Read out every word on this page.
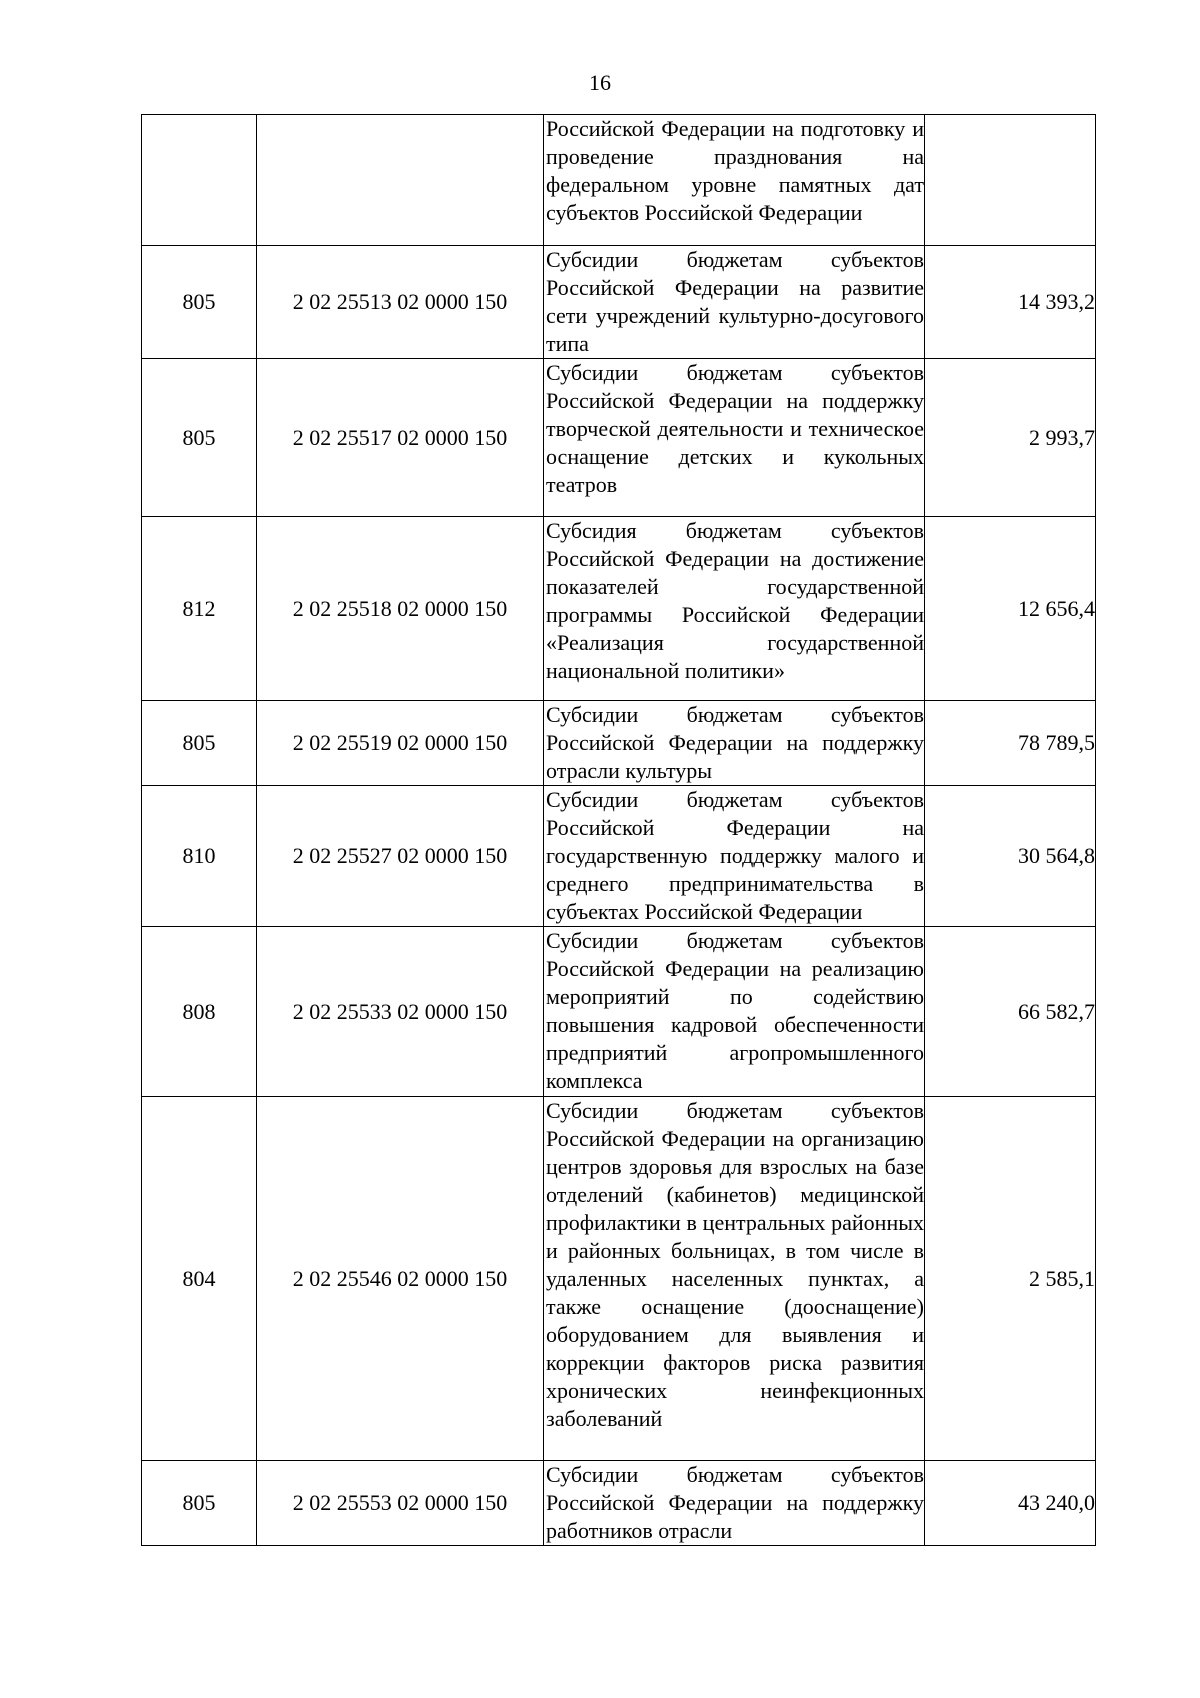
16

		Российской Федерации на подготовку и проведение празднования на федеральном уровне памятных дат субъектов Российской Федерации	

805	2 02 25513 02 0000 150	Субсидии бюджетам субъектов Российской Федерации на развитие сети учреждений культурно-досугового типа	14 393,2
805	2 02 25517 02 0000 150	Субсидии бюджетам субъектов Российской Федерации на поддержку творческой деятельности и техническое оснащение детских и кукольных театров	2 993,7
812	2 02 25518 02 0000 150	Субсидия бюджетам субъектов Российской Федерации на достижение показателей государственной программы Российской Федерации «Реализация государственной национальной политики»	12 656,4
805	2 02 25519 02 0000 150	Субсидии бюджетам субъектов Российской Федерации на поддержку отрасли культуры	78 789,5
810	2 02 25527 02 0000 150	Субсидии бюджетам субъектов Российской Федерации на государственную поддержку малого и среднего предпринимательства в субъектах Российской Федерации	30 564,8
808	2 02 25533 02 0000 150	Субсидии бюджетам субъектов Российской Федерации на реализацию мероприятий по содействию повышения кадровой обеспеченности предприятий агропромышленного комплекса	66 582,7
804	2 02 25546 02 0000 150	Субсидии бюджетам субъектов Российской Федерации на организацию центров здоровья для взрослых на базе отделений (кабинетов) медицинской профилактики в центральных районных и районных больницах, в том числе в удаленных населенных пунктах, а также оснащение (дооснащение) оборудованием для выявления и коррекции факторов риска развития хронических неинфекционных заболеваний	2 585,1
805	2 02 25553 02 0000 150	Субсидии бюджетам субъектов Российской Федерации на поддержку работников отрасли	43 240,0
